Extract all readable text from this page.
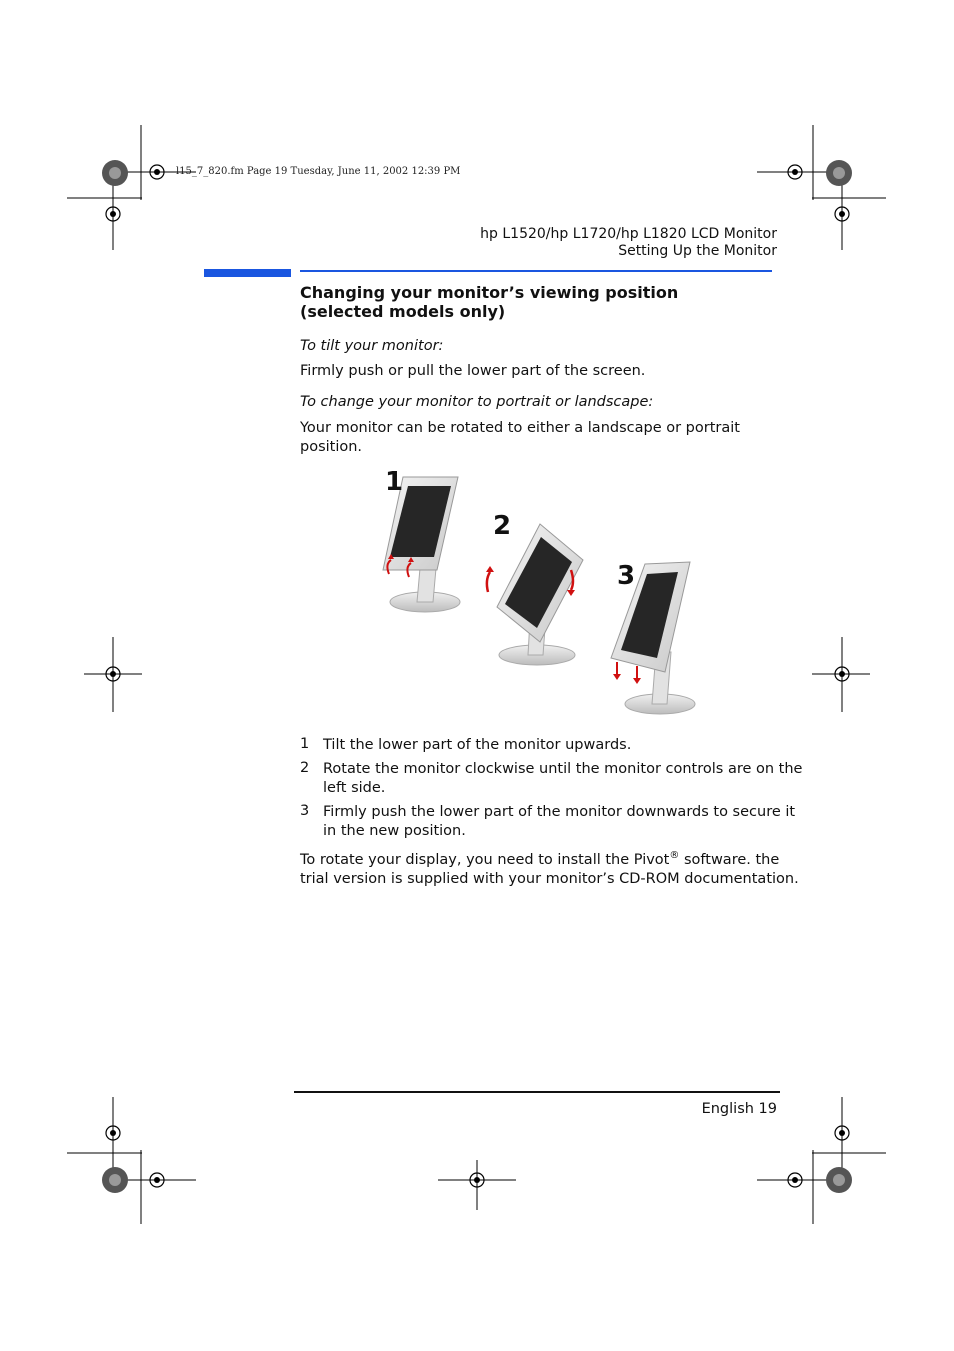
l15_7_820.fm Page 19 Tuesday, June 11, 2002 12:39 PM
hp L1520/hp L1720/hp L1820 LCD Monitor
Setting Up the Monitor
Changing your monitor’s viewing position
(selected models only)
To tilt your monitor:
Firmly push or pull the lower part of the screen.
To change your monitor to portrait or landscape:
Your monitor can be rotated to either a landscape or portrait
position.
1
2
3
1 Tilt the lower part of the monitor upwards.
2 Rotate the monitor clockwise until the monitor controls are on the
left side.
3 Firmly push the lower part of the monitor downwards to secure it
in the new position.
To rotate your display, you need to install the Pivot® software. the
trial version is supplied with your monitor’s CD-ROM documentation.
English 19
